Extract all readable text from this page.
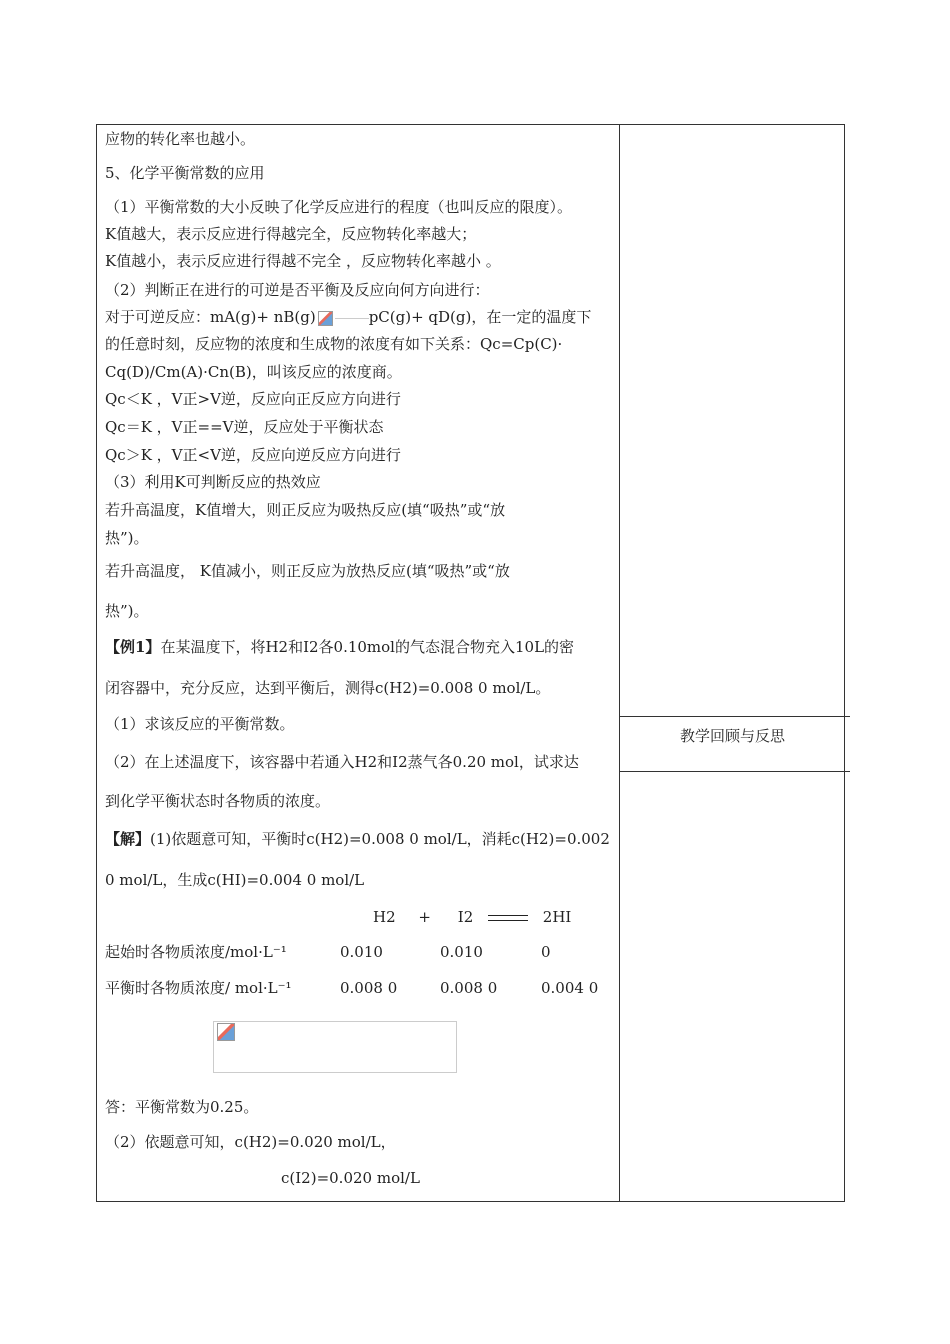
教学回顾与反思
应物的转化率也越小。
5、化学平衡常数的应用
（1）平衡常数的大小反映了化学反应进行的程度（也叫反应的限度）。
K值越大，表示反应进行得越完全，反应物转化率越大；
K值越小，表示反应进行得越不完全 ，反应物转化率越小 。
（2）判断正在进行的可逆是否平衡及反应向何方向进行：
对于可逆反应：mA(g)+ nB(g)	pC(g)+ qD(g)，在一定的温度下
的任意时刻，反应物的浓度和生成物的浓度有如下关系：Qc=Cp(C)·
Cq(D)/Cm(A)·Cn(B)，叫该反应的浓度商。
Qc＜K ，V正>V逆，反应向正反应方向进行
Qc＝K ，V正==V逆，反应处于平衡状态
Qc＞K ，V正<V逆，反应向逆反应方向进行
（3）利用K可判断反应的热效应
若升高温度，K值增大，则正反应为吸热反应(填“吸热”或“放
热”)。
若升高温度， K值减小，则正反应为放热反应(填“吸热”或“放
热”)。
【例1】在某温度下，将H2和I2各0.10mol的气态混合物充入10L的密
闭容器中，充分反应，达到平衡后，测得c(H2)=0.008 0 mol/L。
（1）求该反应的平衡常数。
（2）在上述温度下，该容器中若通入H2和I2蒸气各0.20 mol，试求达
到化学平衡状态时各物质的浓度。
【解】(1)依题意可知，平衡时c(H2)=0.008 0 mol/L，消耗c(H2)=0.002
0 mol/L，生成c(HI)=0.004 0 mol/L
H2 + I2	2HI
起始时各物质浓度/mol·L⁻¹	0.010	0.010	0
平衡时各物质浓度/ mol·L⁻¹	0.008 0	0.008 0	0.004 0
答：平衡常数为0.25。
（2）依题意可知，c(H2)=0.020 mol/L，
c(I2)=0.020 mol/L
